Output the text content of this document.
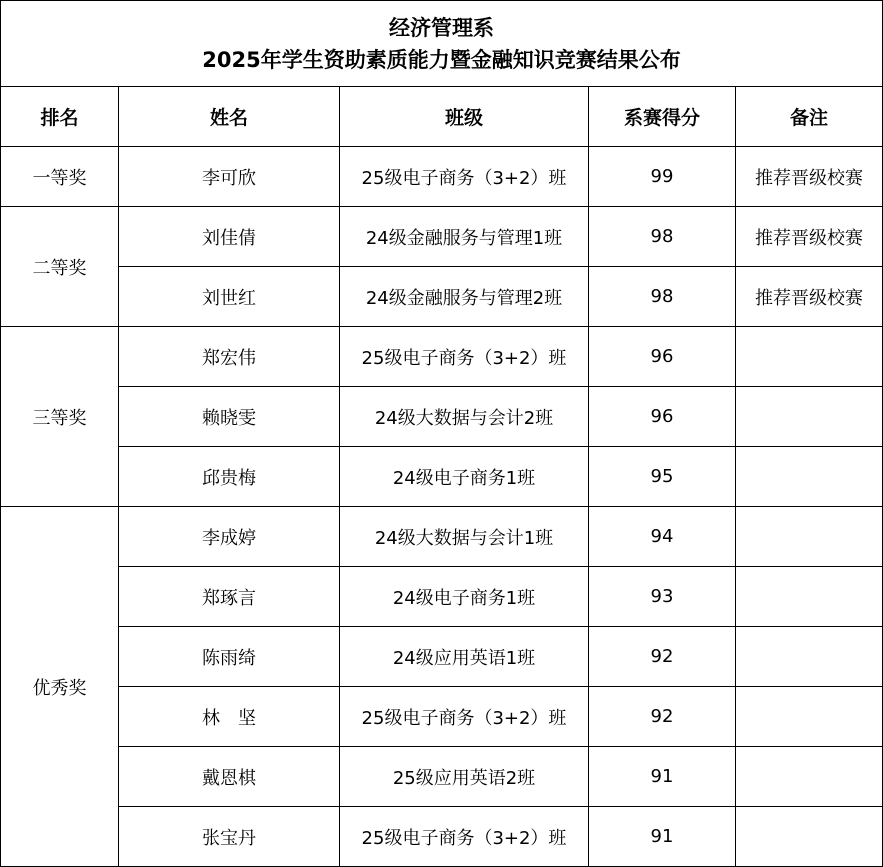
经济管理系
2025年学生资助素质能力暨金融知识竞赛结果公布				

排名	姓名	班级	系赛得分	备注
一等奖	李可欣	25级电子商务（3+2）班	99	推荐晋级校赛
二等奖	刘佳倩	24级金融服务与管理1班	98	推荐晋级校赛
	刘世红	24级金融服务与管理2班	98	推荐晋级校赛
三等奖	郑宏伟	25级电子商务（3+2）班	96	
	赖晓雯	24级大数据与会计2班	96	
	邱贵梅	24级电子商务1班	95	
优秀奖	李成婷	24级大数据与会计1班	94	
	郑琢言	24级电子商务1班	93	
	陈雨绮	24级应用英语1班	92	
	林　坚	25级电子商务（3+2）班	92	
	戴恩棋	25级应用英语2班	91	
	张宝丹	25级电子商务（3+2）班	91	
